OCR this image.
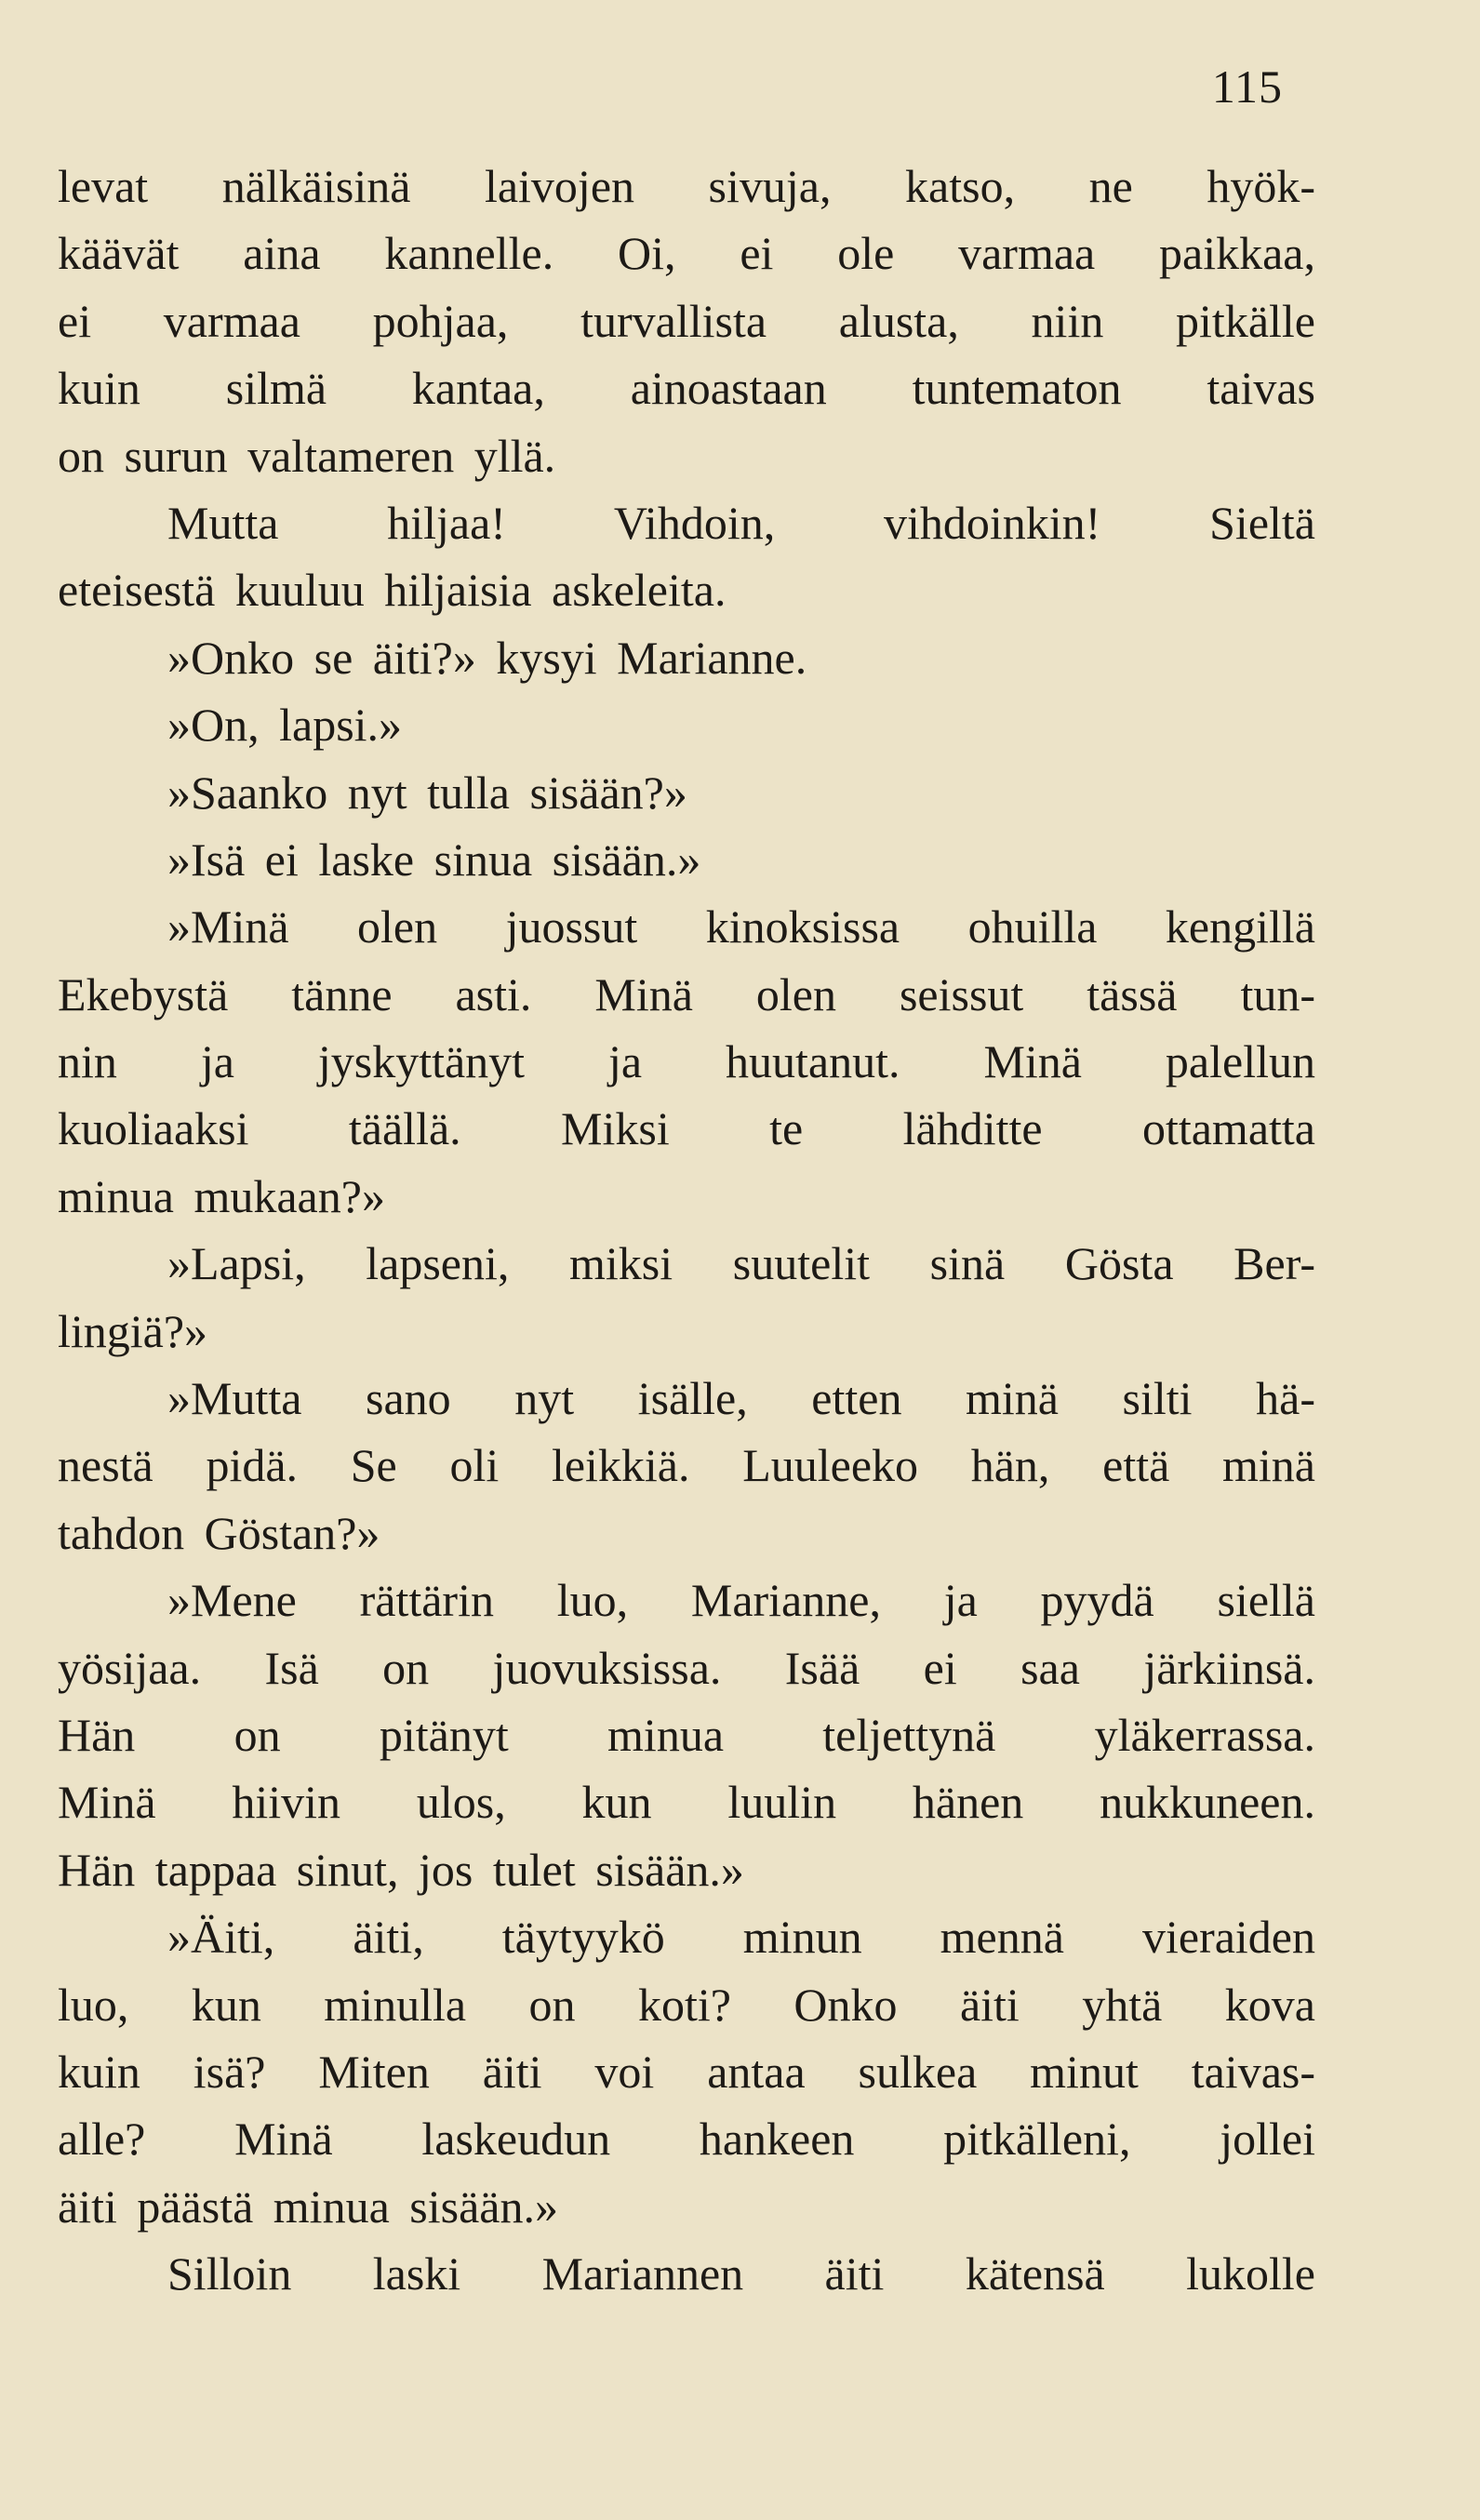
115
levat nälkäisinä laivojen sivuja, katso, ne hyök-
käävät aina kannelle. Oi, ei ole varmaa paikkaa,
ei varmaa pohjaa, turvallista alusta, niin pitkälle
kuin silmä kantaa, ainoastaan tuntematon taivas
on surun valtameren yllä.
Mutta hiljaa! Vihdoin, vihdoinkin! Sieltä
eteisestä kuuluu hiljaisia askeleita.
»Onko se äiti?» kysyi Marianne.
»On, lapsi.»
»Saanko nyt tulla sisään?»
»Isä ei laske sinua sisään.»
»Minä olen juossut kinoksissa ohuilla kengillä
Ekebystä tänne asti. Minä olen seissut tässä tun-
nin ja jyskyttänyt ja huutanut. Minä palellun
kuoliaaksi täällä. Miksi te lähditte ottamatta
minua mukaan?»
»Lapsi, lapseni, miksi suutelit sinä Gösta Ber-
lingiä?»
»Mutta sano nyt isälle, etten minä silti hä-
nestä pidä. Se oli leikkiä. Luuleeko hän, että minä
tahdon Göstan?»
»Mene rättärin luo, Marianne, ja pyydä siellä
yösijaa. Isä on juovuksissa. Isää ei saa järkiinsä.
Hän on pitänyt minua teljettynä yläkerrassa.
Minä hiivin ulos, kun luulin hänen nukkuneen.
Hän tappaa sinut, jos tulet sisään.»
»Äiti, äiti, täytyykö minun mennä vieraiden
luo, kun minulla on koti? Onko äiti yhtä kova
kuin isä? Miten äiti voi antaa sulkea minut taivas-
alle? Minä laskeudun hankeen pitkälleni, jollei
äiti päästä minua sisään.»
Silloin laski Mariannen äiti kätensä lukolle
